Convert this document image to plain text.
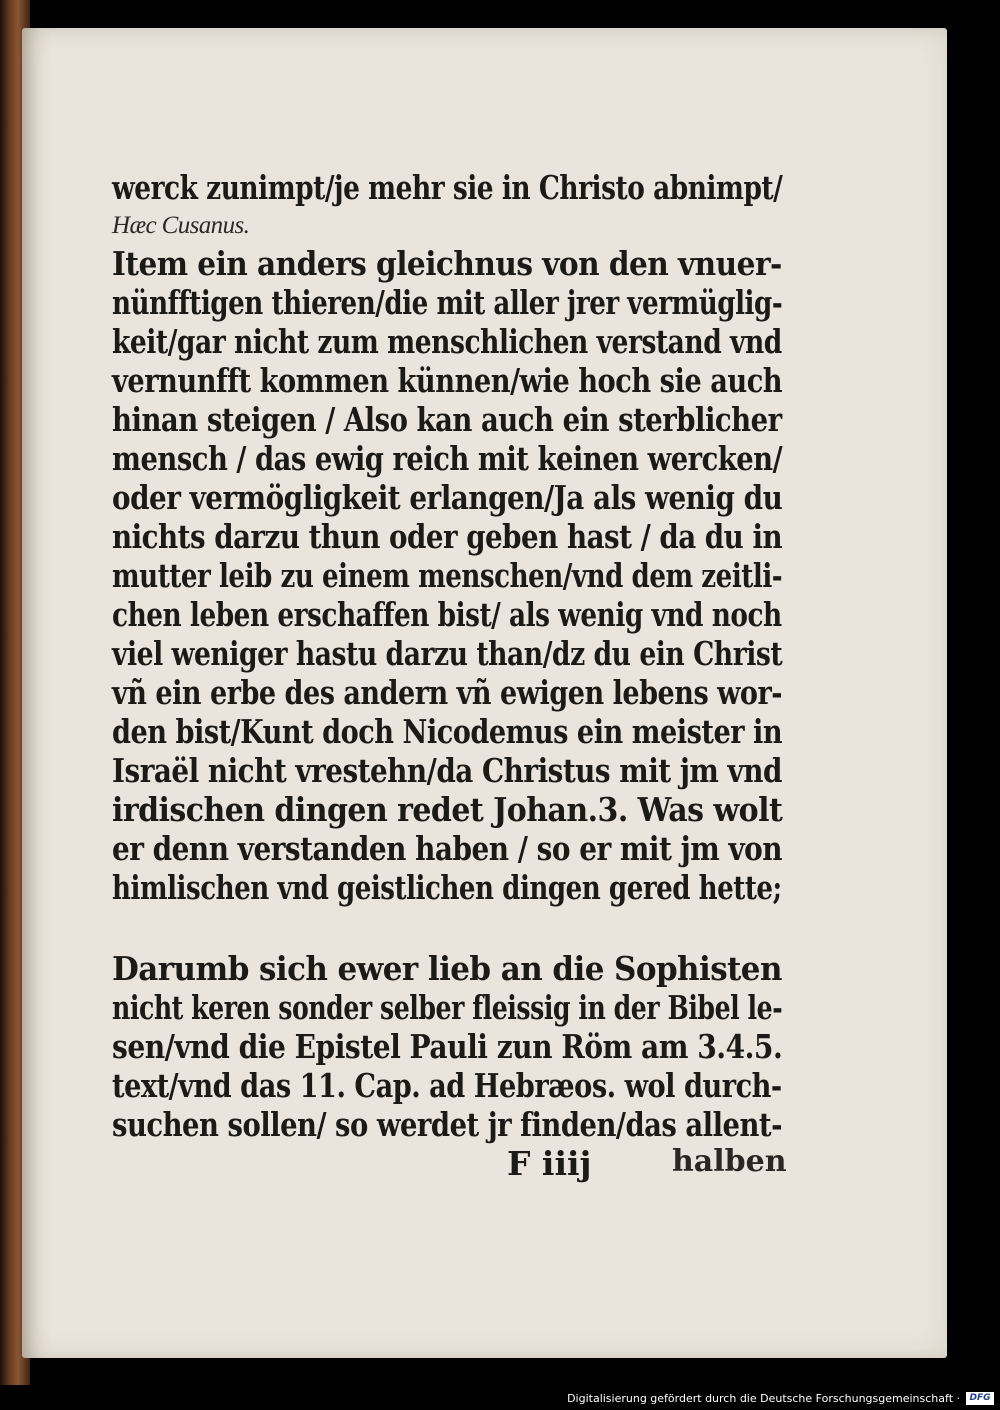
werck zunimpt/je mehr sie in Christo abnimpt/
Hæc Cusanus.
Item ein anders gleichnus von den vnuer-
nünfftigen thieren/die mit aller jrer vermüglig-
keit/gar nicht zum menschlichen verstand vnd
vernunfft kommen künnen/wie hoch sie auch
hinan steigen / Also kan auch ein sterblicher
mensch / das ewig reich mit keinen wercken/
oder vermögligkeit erlangen/Ja als wenig du
nichts darzu thun oder geben hast / da du in
mutter leib zu einem menschen/vnd dem zeitli-
chen leben erschaffen bist/ als wenig vnd noch
viel weniger hastu darzu than/dz du ein Christ
vñ ein erbe des andern vñ ewigen lebens wor-
den bist/Kunt doch Nicodemus ein meister in
Israël nicht vrestehn/da Christus mit jm vnd
irdischen dingen redet Johan.3. Was wolt
er denn verstanden haben / so er mit jm von
himlischen vnd geistlichen dingen gered hette;
Darumb sich ewer lieb an die Sophisten
nicht keren sonder selber fleissig in der Bibel le-
sen/vnd die Epistel Pauli zun Röm am 3.4.5.
text/vnd das 11. Cap. ad Hebræos. wol durch-
suchen sollen/ so werdet jr finden/das allent-
F iiij	halben
Digitalisierung gefördert durch die Deutsche Forschungsgemeinschaft ·	DFG
